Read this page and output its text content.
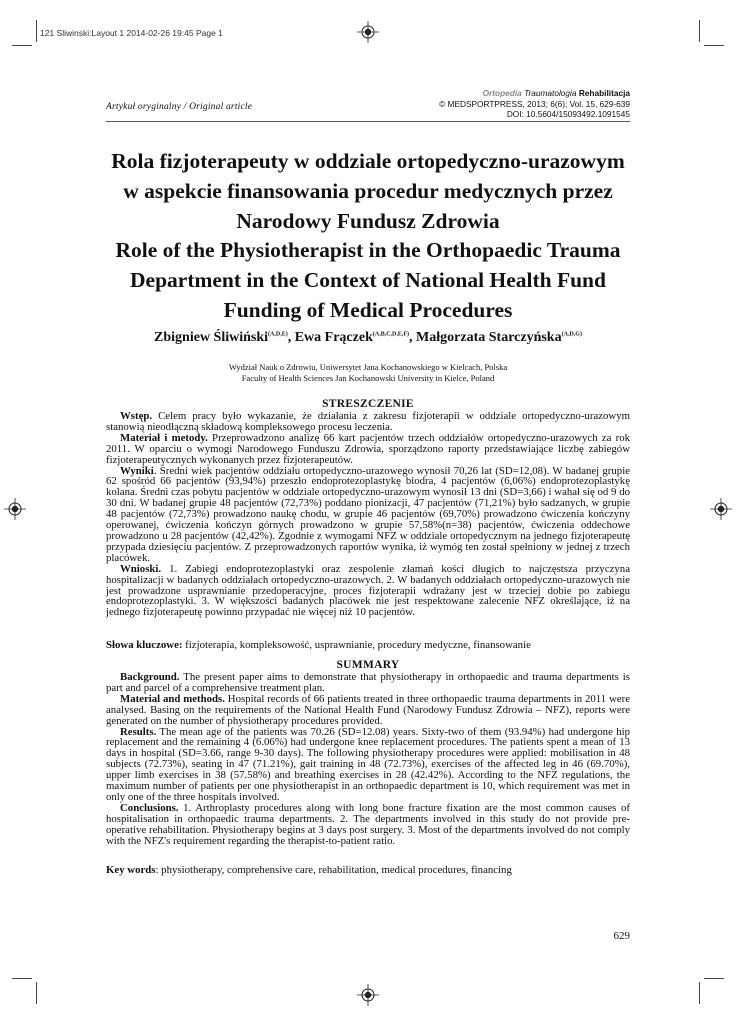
121 Sliwinski:Layout 1 2014-02-26 19:45 Page 1
Artykuł oryginalny / Original article
Ortopedia Traumatologia Rehabilitacja
© MEDSPORTPRESS, 2013; 6(6); Vol. 15, 629-639
DOI: 10.5604/15093492.1091545
Rola fizjoterapeuty w oddziale ortopedyczno-urazowym w aspekcie finansowania procedur medycznych przez Narodowy Fundusz Zdrowia
Role of the Physiotherapist in the Orthopaedic Trauma Department in the Context of National Health Fund Funding of Medical Procedures
Zbigniew Śliwiński$^{(A,D,E)}$, Ewa Frączek$^{(A,B,C,D,E,F)}$, Małgorzata Starczyńska$^{(A,D,G)}$
Wydział Nauk o Zdrowiu, Uniwersytet Jana Kochanowskiego w Kielcach, Polska
Faculty of Health Sciences Jan Kochanowski University in Kielce, Poland
STRESZCZENIE

Wstęp. Celem pracy było wykazanie, że działania z zakresu fizjoterapii w oddziale ortopedyczno-urazowym stanowią nieodłączną składową kompleksowego procesu leczenia.

Materiał i metody. Przeprowadzono analizę 66 kart pacjentów trzech oddziałów ortopedyczno-urazowych za rok 2011. W oparciu o wymogi Narodowego Funduszu Zdrowia, sporządzono raporty przedstawiające liczbę zabiegów fizjoterapeutycznych wykonanych przez fizjoterapeutów.

Wyniki. Średni wiek pacjentów oddziału ortopedyczno-urazowego wynosił 70,26 lat (SD=12,08). W badanej grupie 62 spośród 66 pacjentów (93,94%) przeszło endoprotezoplastykę biodra, 4 pacjentów (6,06%) endoprotezoplastykę kolana. Średni czas pobytu pacjentów w oddziale ortopedyczno-urazowym wynosił 13 dni (SD=3,66) i wahał się od 9 do 30 dni. W badanej grupie 48 pacjentów (72,73%) poddano pionizacji, 47 pacjentów (71,21%) było sadzanych, w grupie 48 pacjentów (72,73%) prowadzono naukę chodu, w grupie 46 pacjentów (69,70%) prowadzono ćwiczenia kończyny operowanej, ćwiczenia kończyn górnych prowadzono w grupie 57,58%(n=38) pacjentów, ćwiczenia oddechowe prowadzono u 28 pacjentów (42,42%). Zgodnie z wymogami NFZ w oddziale ortopedycznym na jednego fizjoterapeutę przypada dziesięciu pacjentów. Z przeprowadzonych raportów wynika, iż wymóg ten został spełniony w jednej z trzech placówek.

Wnioski. 1. Zabiegi endoprotezoplastyki oraz zespolenie złamań kości długich to najczęstsza przyczyna hospitalizacji w badanych oddziałach ortopedyczno-urazowych. 2. W badanych oddziałach ortopedyczno-urazowych nie jest prowadzone usprawnianie przedoperacyjne, proces fizjoterapii wdrażany jest w trzeciej dobie po zabiegu endoprotezoplastyki. 3. W większości badanych placówek nie jest respektowane zalecenie NFZ określające, iż na jednego fizjoterapeutę powinno przypadać nie więcej niż 10 pacjentów.

Słowa kluczowe: fizjoterapia, kompleksowość, usprawnianie, procedury medyczne, finansowanie
SUMMARY

Background. The present paper aims to demonstrate that physiotherapy in orthopaedic and trauma departments is part and parcel of a comprehensive treatment plan.

Material and methods. Hospital records of 66 patients treated in three orthopaedic trauma departments in 2011 were analysed. Basing on the requirements of the National Health Fund (Narodowy Fundusz Zdrowia – NFZ), reports were generated on the number of physiotherapy procedures provided.

Results. The mean age of the patients was 70.26 (SD=12.08) years. Sixty-two of them (93.94%) had undergone hip replacement and the remaining 4 (6.06%) had undergone knee replacement procedures. The patients spent a mean of 13 days in hospital (SD=3.66, range 9-30 days). The following physiotherapy procedures were applied: mobilisation in 48 subjects (72.73%), seating in 47 (71.21%), gait training in 48 (72.73%), exercises of the affected leg in 46 (69.70%), upper limb exercises in 38 (57.58%) and breathing exercises in 28 (42.42%). According to the NFZ regulations, the maximum number of patients per one physiotherapist in an orthopaedic department is 10, which requirement was met in only one of the three hospitals involved.

Conclusions. 1. Arthroplasty procedures along with long bone fracture fixation are the most common causes of hospitalisation in orthopaedic trauma departments. 2. The departments involved in this study do not provide pre-operative rehabilitation. Physiotherapy begins at 3 days post surgery. 3. Most of the departments involved do not comply with the NFZ's requirement regarding the therapist-to-patient ratio.

Key words: physiotherapy, comprehensive care, rehabilitation, medical procedures, financing
629
